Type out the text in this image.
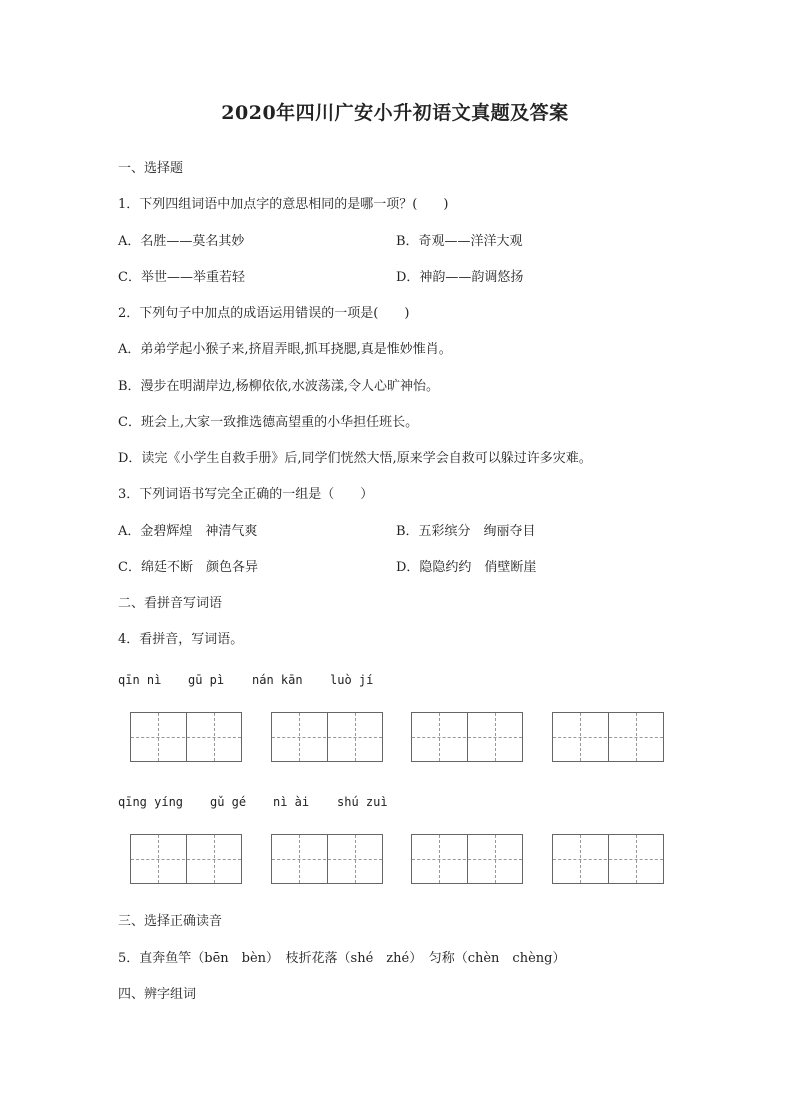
2020年四川广安小升初语文真题及答案
一、选择题
1．下列四组词语中加点字的意思相同的是哪一项？(　　)
A．名胜——莫名其妙	B．奇观——洋洋大观
C．举世——举重若轻	D．神韵——韵调悠扬
2．下列句子中加点的成语运用错误的一项是(　　)
A．弟弟学起小猴子来,挤眉弄眼,抓耳挠腮,真是惟妙惟肖。
B．漫步在明湖岸边,杨柳依依,水波荡漾,令人心旷神怡。
C．班会上,大家一致推选德高望重的小华担任班长。
D．读完《小学生自救手册》后,同学们恍然大悟,原来学会自救可以躲过许多灾难。
3．下列词语书写完全正确的一组是（　　）
A．金碧辉煌　神清气爽	B．五彩缤分　绚丽夺目
C．绵廷不断　颜色各异	D．隐隐约约　俏壁断崖
二、看拼音写词语
4．看拼音，写词语。
qīn nì gū pì nán kān luò jí
qīng yíng gǔ gé nì ài shú zuì
三、选择正确读音
5．直奔鱼竿（bēn　bèn）　枝折花落（shé　zhé）　匀称（chèn　chèng）
四、辨字组词
